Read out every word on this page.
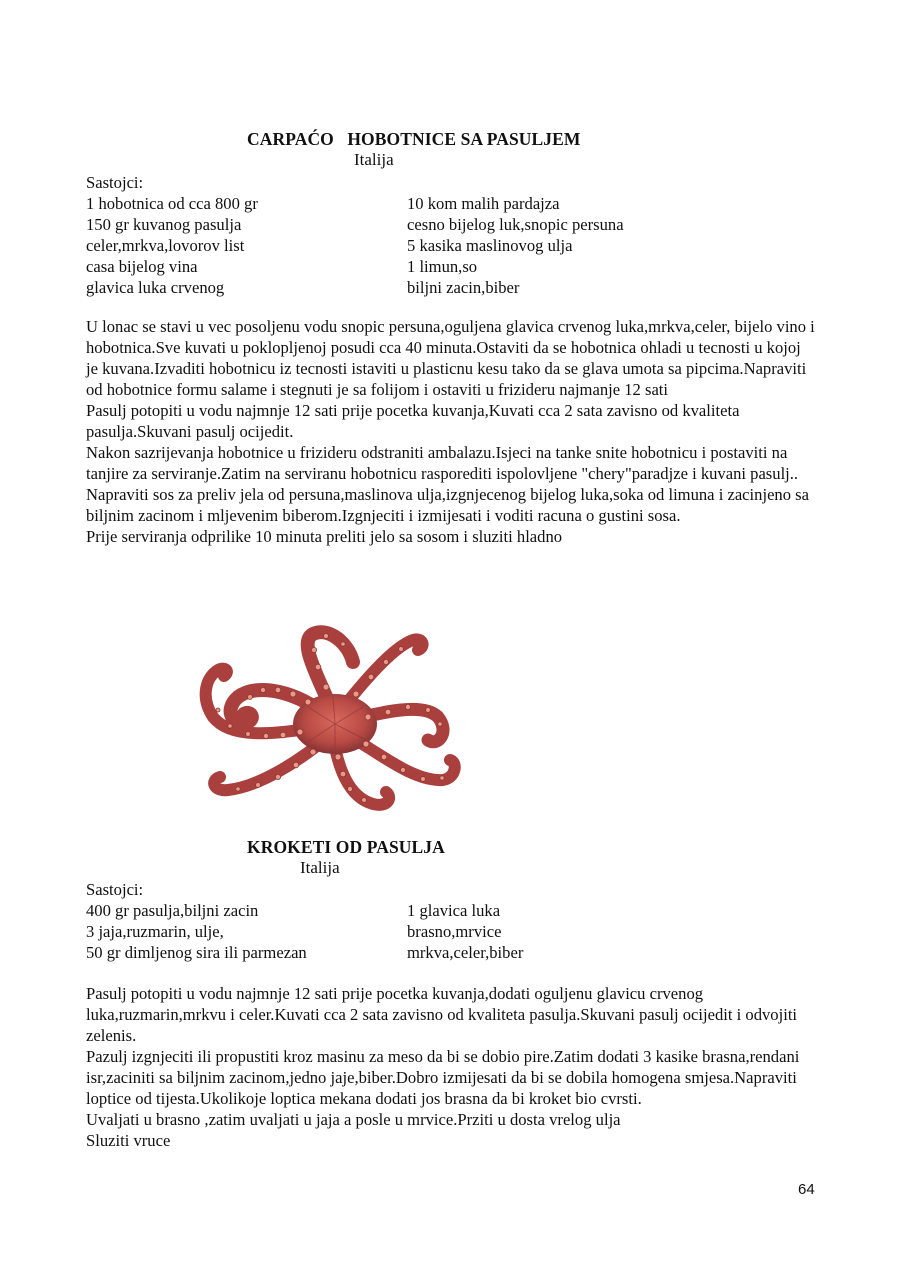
CARPAĆO HOBOTNICE SA PASULJEM
Italija
Sastojci:
1 hobotnica od cca 800 gr
150 gr kuvanog pasulja
celer,mrkva,lovorov list
casa bijelog vina
glavica luka crvenog
10 kom malih pardajza
cesno bijelog luk,snopic persuna
5 kasika maslinovog ulja
1 limun,so
biljni zacin,biber

U lonac se stavi u vec posoljenu vodu snopic persuna,oguljena glavica crvenog luka,mrkva,celer, bijelo vino i hobotnica.Sve kuvati u poklopljenoj posudi cca 40 minuta.Ostaviti da se hobotnica ohladi u tecnosti u kojoj je kuvana.Izvaditi hobotnicu iz tecnosti istaviti u plasticnu kesu tako da se glava umota sa pipcima.Napraviti od hobotnice formu salame i stegnuti je sa folijom i ostaviti u frizideru najmanje 12 sati

Pasulj potopiti u vodu najmnje 12 sati prije pocetka kuvanja,Kuvati cca 2 sata zavisno od kvaliteta pasulja.Skuvani pasulj ocijedit.

Nakon sazrijevanja hobotnice u frizideru odstraniti ambalazu.Isjeci na tanke snite hobotnicu i postaviti na tanjire za serviranje.Zatim na serviranu hobotnicu rasporediti ispolovljene "chery"paradjze i kuvani pasulj..

Napraviti sos za preliv jela od persuna,maslinova ulja,izgnjecenog bijelog luka,soka od limuna i zacinjeno sa biljnim zacinom i mljevenim biberom.Izgnjeciti i izmijesati i voditi racuna o gustini sosa.

Prije serviranja odprilike 10 minuta preliti jelo sa sosom i sluziti hladno

KROKETI OD PASULJA
Italija
Sastojci:
400 gr pasulja,biljni zacin
3 jaja,ruzmarin, ulje,
50 gr dimljenog sira ili parmezan
1 glavica luka
brasno,mrvice
mrkva,celer,biber

Pasulj potopiti u vodu najmnje 12 sati prije pocetka kuvanja,dodati oguljenu glavicu crvenog luka,ruzmarin,mrkvu i celer.Kuvati cca 2 sata zavisno od kvaliteta pasulja.Skuvani pasulj ocijedit i odvojiti zelenis.

Pazulj izgnjeciti ili propustiti kroz masinu za meso da bi se dobio pire.Zatim dodati 3 kasike brasna,rendani isr,zaciniti sa biljnim zacinom,jedno jaje,biber.Dobro izmijesati da bi se dobila homogena smjesa.Napraviti loptice od tijesta.Ukolikoje loptica mekana dodati jos brasna da bi kroket bio cvrsti.

Uvaljati u brasno ,zatim uvaljati u jaja a posle u mrvice.Prziti u dosta vrelog ulja

Sluziti vruce

64
